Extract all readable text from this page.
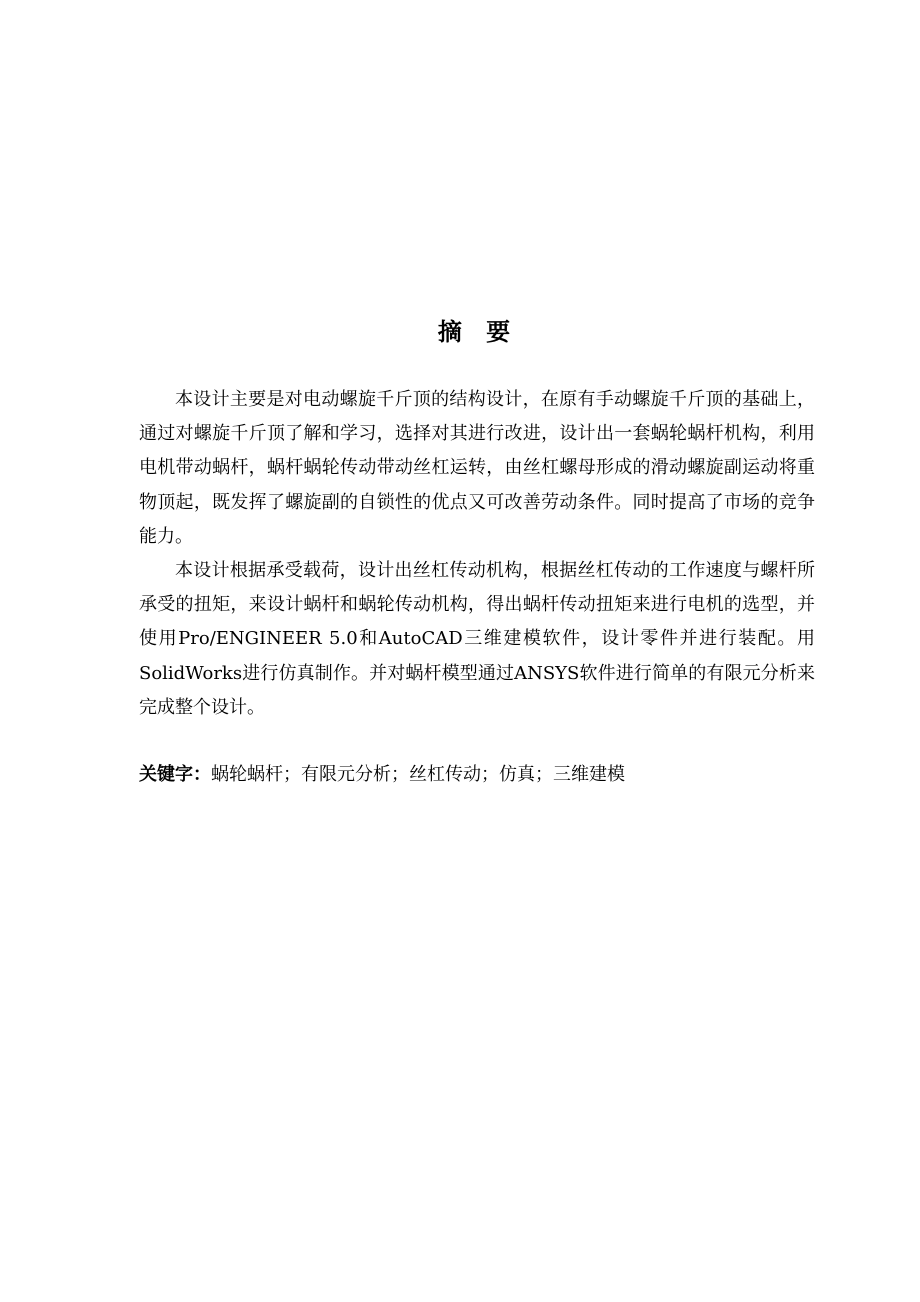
摘 要

本设计主要是对电动螺旋千斤顶的结构设计，在原有手动螺旋千斤顶的基础上，通过对螺旋千斤顶了解和学习，选择对其进行改进，设计出一套蜗轮蜗杆机构，利用电机带动蜗杆，蜗杆蜗轮传动带动丝杠运转，由丝杠螺母形成的滑动螺旋副运动将重物顶起，既发挥了螺旋副的自锁性的优点又可改善劳动条件。同时提高了市场的竞争能力。

本设计根据承受载荷，设计出丝杠传动机构，根据丝杠传动的工作速度与螺杆所承受的扭矩，来设计蜗杆和蜗轮传动机构，得出蜗杆传动扭矩来进行电机的选型，并使用Pro/ENGINEER 5.0和AutoCAD三维建模软件，设计零件并进行装配。用SolidWorks进行仿真制作。并对蜗杆模型通过ANSYS软件进行简单的有限元分析来完成整个设计。

关键字：蜗轮蜗杆；有限元分析；丝杠传动；仿真；三维建模
